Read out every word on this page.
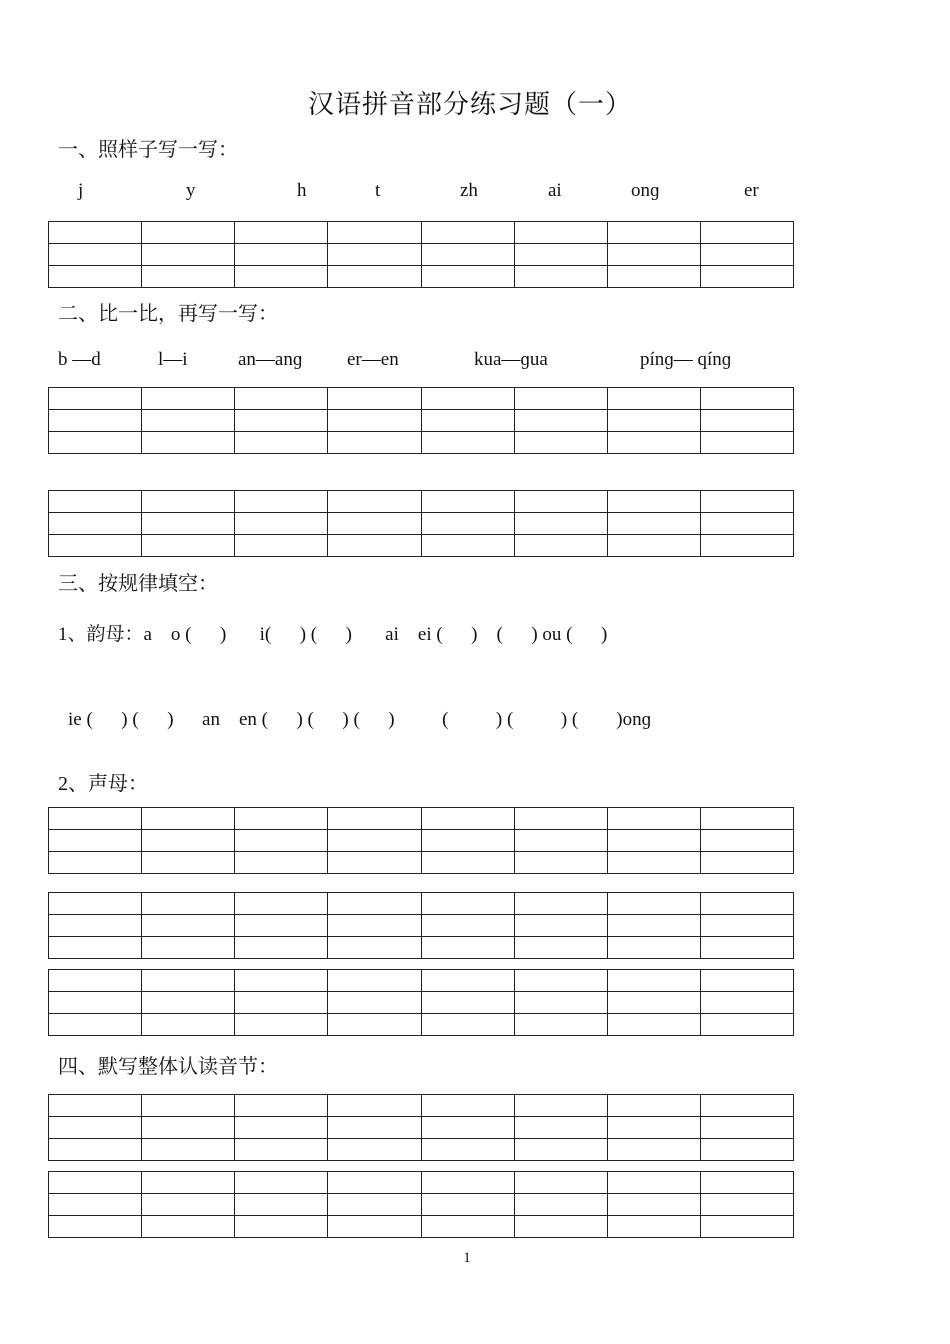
汉语拼音部分练习题（一）
一、照样子写一写：
j	y	h	t	zh	ai	onɡ	er

二、比一比，再写一写：
b —d	l—i	an—anɡ er—en	kua—ɡua	pínɡ— qínɡ

三、按规律填空：
1、韵母：a    o (      )       i(      ) (      )       ai    ei (      )    (      ) ou (      )
ie (      ) (      )      an    en (      ) (      ) (      )          (          ) (          ) (        )onɡ
2、声母：

四、默写整体认读音节：

1
